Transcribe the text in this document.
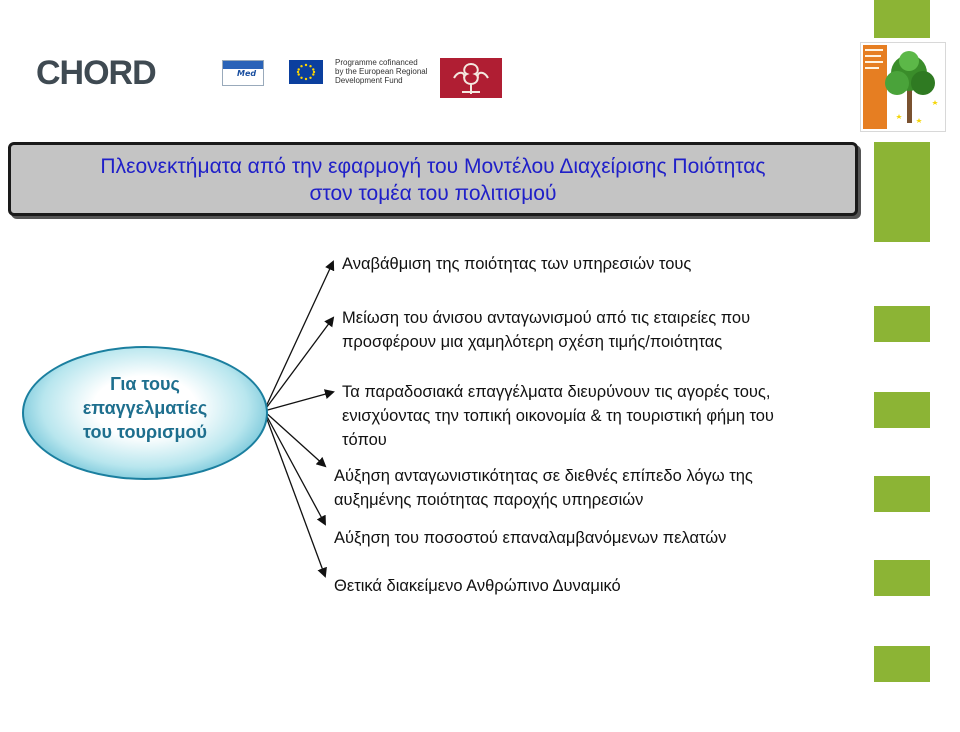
CHORD	Med
Programme cofinanced
by the European Regional
Development Fund
Πλεονεκτήματα από την εφαρμογή του Μοντέλου Διαχείρισης Ποιότητας
στον τομέα του πολιτισμού
Για τους
επαγγελματίες
του τουρισμού
Αναβάθμιση της ποιότητας των υπηρεσιών τους
Μείωση του άνισου ανταγωνισμού από τις εταιρείες που
προσφέρουν μια χαμηλότερη σχέση τιμής/ποιότητας
Τα παραδοσιακά επαγγέλματα διευρύνουν τις αγορές τους,
ενισχύοντας την τοπική οικονομία & τη τουριστική φήμη του
τόπου
Αύξηση ανταγωνιστικότητας σε διεθνές επίπεδο λόγω της
αυξημένης ποιότητας παροχής υπηρεσιών
Αύξηση του ποσοστού επαναλαμβανόμενων πελατών
Θετικά διακείμενο Ανθρώπινο Δυναμικό
